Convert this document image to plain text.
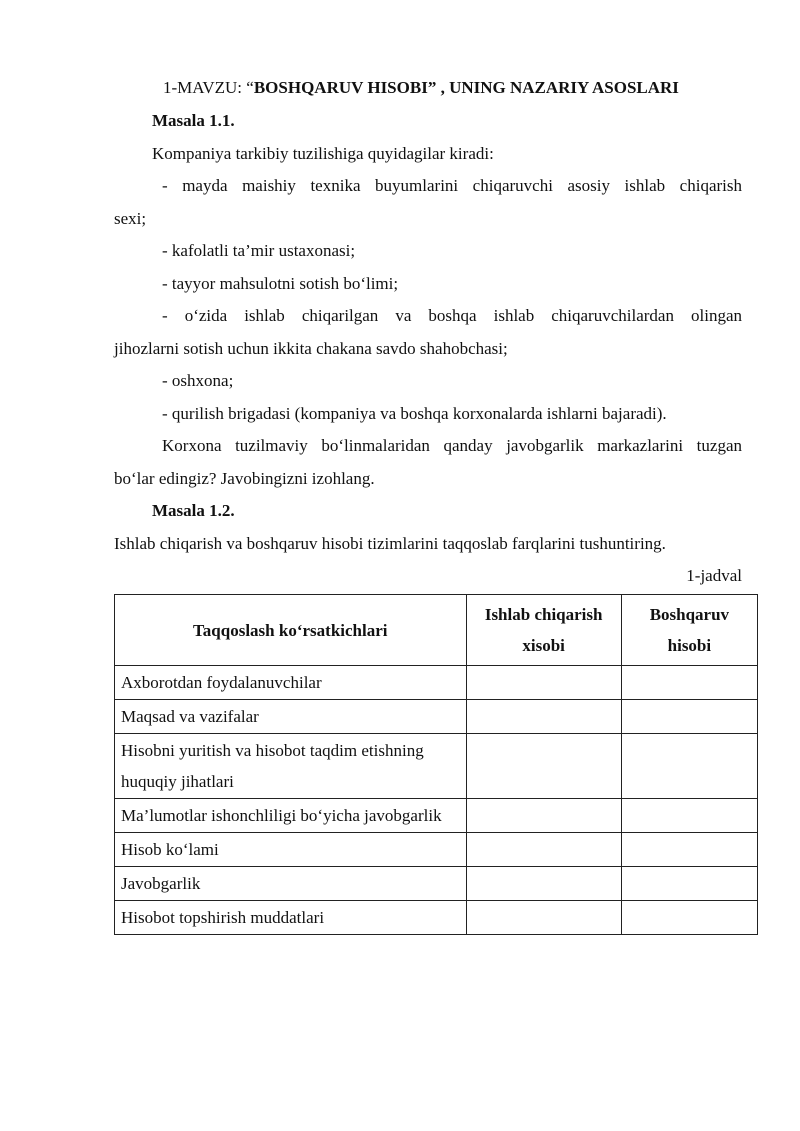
1-MAVZU: “BOSHQARUV HISOBI” , UNING NAZARIY ASOSLARI
Masala 1.1.
Kompaniya tarkibiy tuzilishiga quyidagilar kiradi:
- mayda maishiy texnika buyumlarini chiqaruvchi asosiy ishlab chiqarish
sexi;
- kafolatli ta’mir ustaxonasi;
- tayyor mahsulotni sotish bo‘limi;
- o‘zida ishlab chiqarilgan va boshqa ishlab chiqaruvchilardan olingan
jihozlarni sotish uchun ikkita chakana savdo shahobchasi;
- oshxona;
- qurilish brigadasi (kompaniya va boshqa korxonalarda ishlarni bajaradi).
Korxona tuzilmaviy bo‘linmalaridan qanday javobgarlik markazlarini tuzgan
bo‘lar edingiz? Javobingizni izohlang.
Masala 1.2.
Ishlab chiqarish va boshqaruv hisobi tizimlarini taqqoslab farqlarini tushuntiring.
1-jadval
Taqqoslash ko‘rsatkichlari	Ishlab chiqarish xisobi	Boshqaruv hisobi
Axborotdan foydalanuvchilar		
Maqsad va vazifalar		
Hisobni yuritish va hisobot taqdim etishning huquqiy jihatlari		
Ma’lumotlar ishonchliligi bo‘yicha javobgarlik		
Hisob ko‘lami		
Javobgarlik		
Hisobot topshirish muddatlari		
